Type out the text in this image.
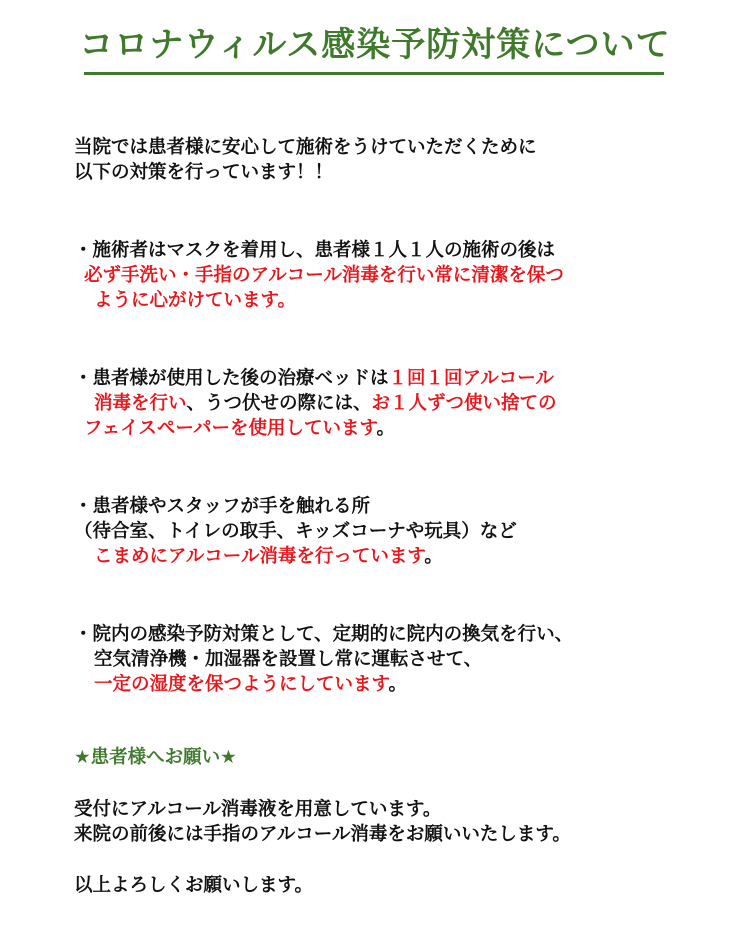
コロナウィルス感染予防対策について
当院では患者様に安心して施術をうけていただくために
以下の対策を行っています！！
・施術者はマスクを着用し、患者様１人１人の施術の後は
必ず手洗い・手指のアルコール消毒を行い常に清潔を保つ
ように心がけています。
・患者様が使用した後の治療ベッドは１回１回アルコール
消毒を行い、うつ伏せの際には、お１人ずつ使い捨ての
フェイスペーパーを使用しています。
・患者様やスタッフが手を触れる所
（待合室、トイレの取手、キッズコーナや玩具）など
こまめにアルコール消毒を行っています。
・院内の感染予防対策として、定期的に院内の換気を行い、
空気清浄機・加湿器を設置し常に運転させて、
一定の湿度を保つようにしています。
★患者様へお願い★
受付にアルコール消毒液を用意しています。
来院の前後には手指のアルコール消毒をお願いいたします。
以上よろしくお願いします。
